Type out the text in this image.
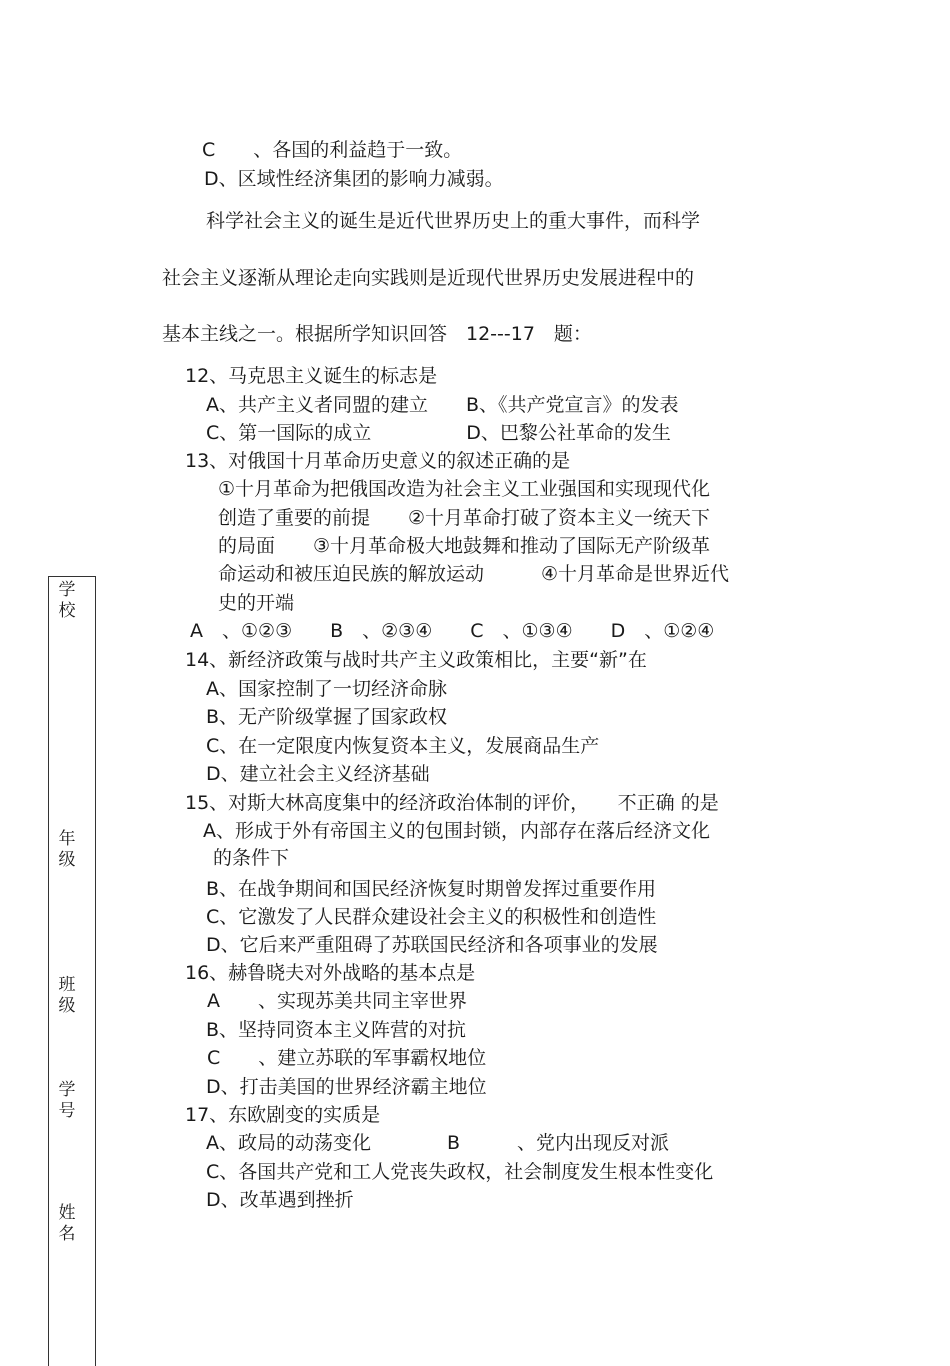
C　　、各国的利益趋于一致。
D、区域性经济集团的影响力减弱。
科学社会主义的诞生是近代世界历史上的重大事件，而科学
社会主义逐渐从理论走向实践则是近现代世界历史发展进程中的
基本主线之一。根据所学知识回答　12---17　题：
12、马克思主义诞生的标志是
A、共产主义者同盟的建立　　B、《共产党宣言》的发表
C、第一国际的成立　　　　　D、巴黎公社革命的发生
13、对俄国十月革命历史意义的叙述正确的是
①十月革命为把俄国改造为社会主义工业强国和实现现代化
创造了重要的前提　　②十月革命打破了资本主义一统天下
的局面　　③十月革命极大地鼓舞和推动了国际无产阶级革
命运动和被压迫民族的解放运动　　　④十月革命是世界近代
史的开端
A　、①②③　　B　、②③④　　C　、①③④　　D　、①②④
14、新经济政策与战时共产主义政策相比，主要“新”在
A、国家控制了一切经济命脉
B、无产阶级掌握了国家政权
C、在一定限度内恢复资本主义，发展商品生产
D、建立社会主义经济基础
15、对斯大林高度集中的经济政治体制的评价，　　不正确 的是
A、形成于外有帝国主义的包围封锁，内部存在落后经济文化
的条件下
B、在战争期间和国民经济恢复时期曾发挥过重要作用
C、它激发了人民群众建设社会主义的积极性和创造性
D、它后来严重阻碍了苏联国民经济和各项事业的发展
16、赫鲁晓夫对外战略的基本点是
A　　、实现苏美共同主宰世界
B、坚持同资本主义阵营的对抗
C　　、建立苏联的军事霸权地位
D、打击美国的世界经济霸主地位
17、东欧剧变的实质是
A、政局的动荡变化　　　　B　　　、党内出现反对派
C、各国共产党和工人党丧失政权，社会制度发生根本性变化
D、改革遇到挫折
学校
年级
班级
学号
姓名
